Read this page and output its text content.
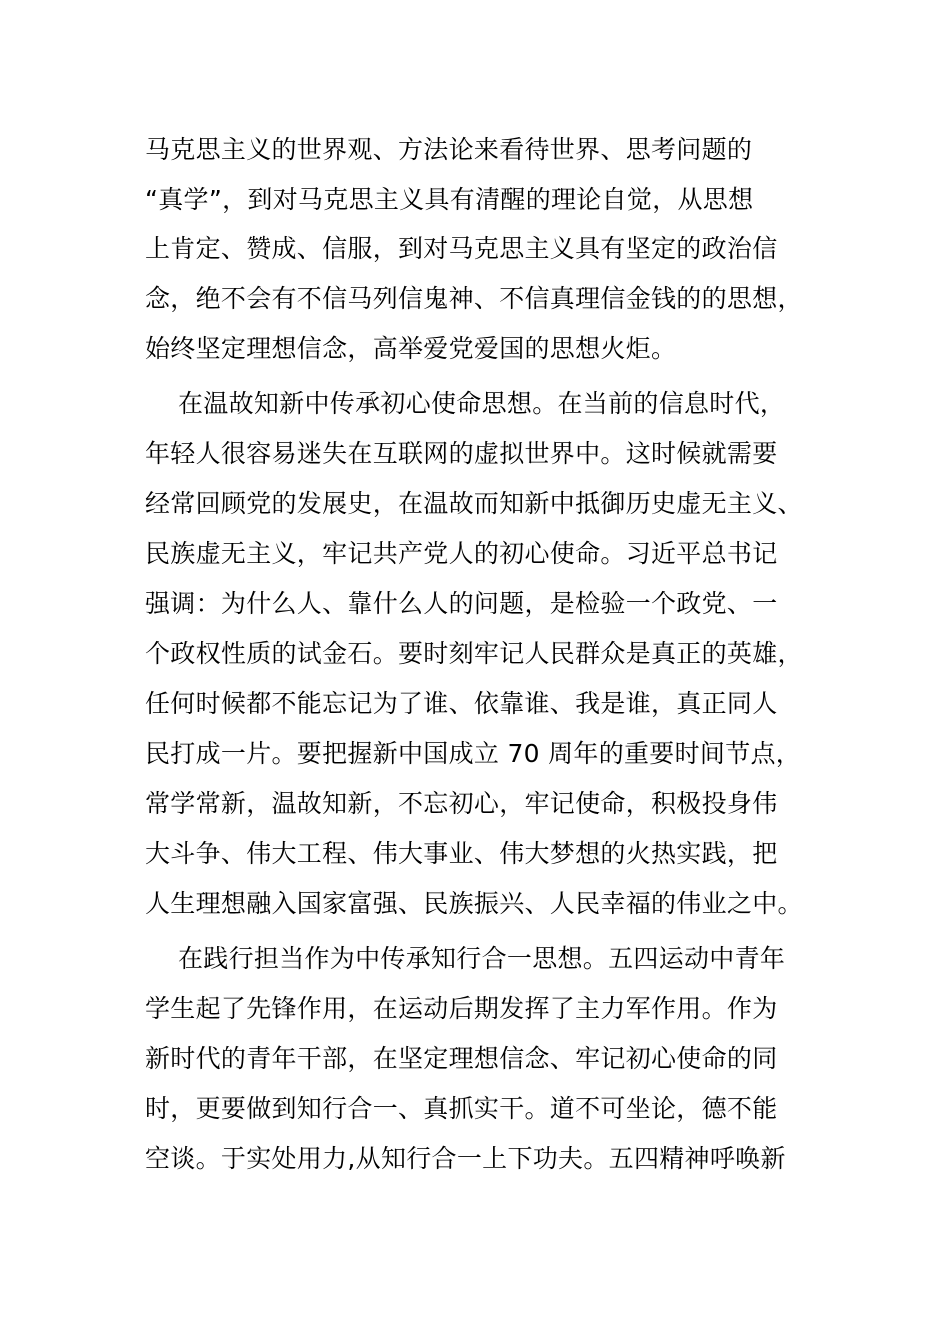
马克思主义的世界观、方法论来看待世界、思考问题的

“真学”，到对马克思主义具有清醒的理论自觉，从思想

上肯定、赞成、信服，到对马克思主义具有坚定的政治信

念，绝不会有不信马列信鬼神、不信真理信金钱的的思想，

始终坚定理想信念，高举爱党爱国的思想火炬。

在温故知新中传承初心使命思想。在当前的信息时代，

年轻人很容易迷失在互联网的虚拟世界中。这时候就需要

经常回顾党的发展史，在温故而知新中抵御历史虚无主义、

民族虚无主义，牢记共产党人的初心使命。习近平总书记

强调：为什么人、靠什么人的问题，是检验一个政党、一

个政权性质的试金石。要时刻牢记人民群众是真正的英雄，

任何时候都不能忘记为了谁、依靠谁、我是谁，真正同人

民打成一片。要把握新中国成立 70 周年的重要时间节点，

常学常新，温故知新，不忘初心，牢记使命，积极投身伟

大斗争、伟大工程、伟大事业、伟大梦想的火热实践，把

人生理想融入国家富强、民族振兴、人民幸福的伟业之中。

在践行担当作为中传承知行合一思想。五四运动中青年

学生起了先锋作用，在运动后期发挥了主力军作用。作为

新时代的青年干部，在坚定理想信念、牢记初心使命的同

时，更要做到知行合一、真抓实干。道不可坐论，德不能

空谈。于实处用力,从知行合一上下功夫。五四精神呼唤新
